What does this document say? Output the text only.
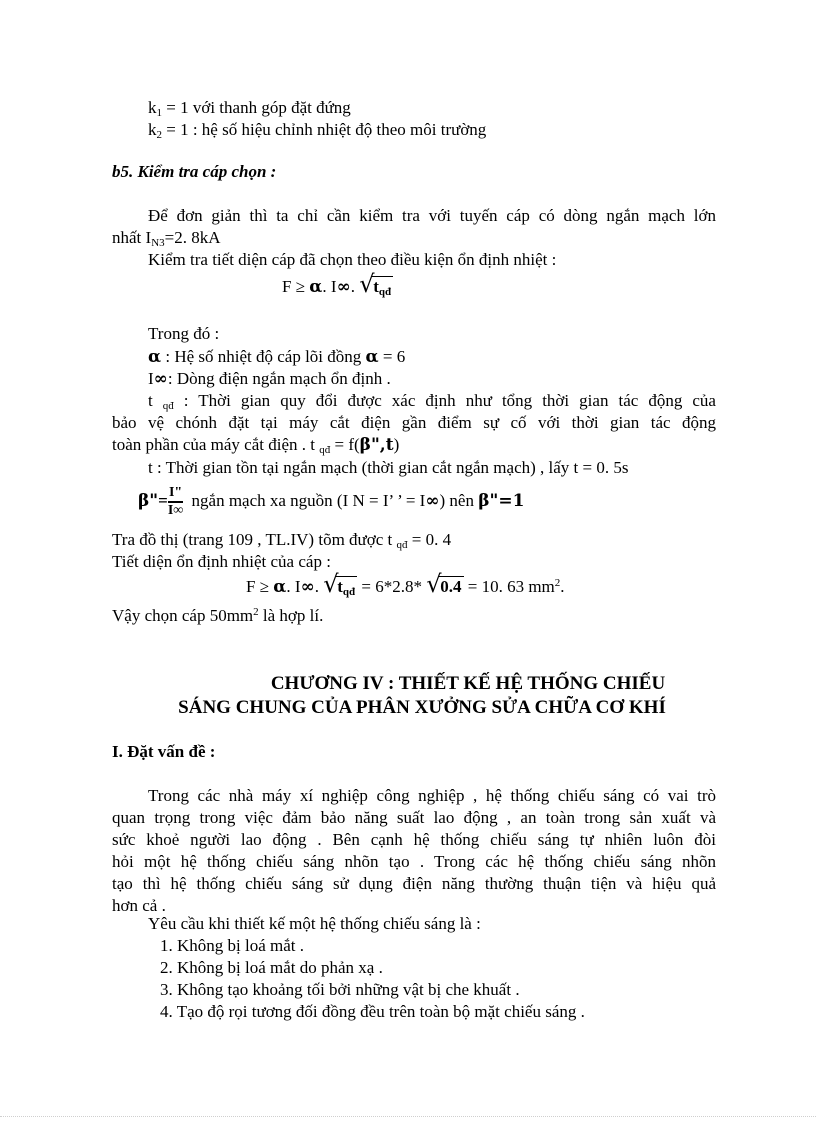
$k_1 = 1$ với thanh góp đặt đứng
$k_2 = 1$ : hệ số hiệu chỉnh nhiệt độ theo môi trường
b5. Kiểm tra cáp chọn :
Để đơn giản thì ta chỉ cần kiểm tra với tuyến cáp có dòng ngắn mạch lớn
nhất $I_{N3}=2$. 8kA
Kiểm tra tiết diện cáp đã chọn theo điều kiện ổn định nhiệt :
F ≥ α. I∞. √
$t_{qđ}$
Trong đó :
α : Hệ số nhiệt độ cáp lõi đồng α = 6
I∞: Dòng điện ngắn mạch ổn định .
t $_{qđ}$ : Thời gian quy đổi được xác định như tổng thời gian tác động của
bảo vệ chónh đặt tại máy cắt điện gần điểm sự cố với thời gian tác động
toàn phần của máy cắt điện . t $_{qđ}$ = f(β",t)
t : Thời gian tồn tại ngắn mạch (thời gian cắt ngắn mạch) , lấy t = 0. 5s
β"= $\frac{I"}{I\infty}$ ngắn mạch xa nguồn (I N = I’ ’ = I∞) nên β"=1
Tra đồ thị (trang 109 , TL.IV) tõm được t $_{qđ}$ = 0. 4
Tiết diện ổn định nhiệt của cáp :
F ≥ α. I∞. √
$t_{qđ} = 6*2.8*$ √
0.4 = 10. 63 $mm^2$.
Vậy chọn cáp $50mm^2$ là hợp lí.
CHƯƠNG IV : THIẾT KẾ HỆ THỐNG CHIẾU
SÁNG CHUNG CỦA PHÂN XƯỞNG SỬA CHỮA CƠ KHÍ
I. Đặt vấn đề :
Trong các nhà máy xí nghiệp công nghiệp , hệ thống chiếu sáng có vai trò
quan trọng trong việc đảm bảo năng suất lao động , an toàn trong sản xuất và
sức khoẻ người lao động . Bên cạnh hệ thống chiếu sáng tự nhiên luôn đòi
hỏi một hệ thống chiếu sáng nhõn tạo . Trong các hệ thống chiếu sáng nhõn
tạo thì hệ thống chiếu sáng sử dụng điện năng thường thuận tiện và hiệu quả
hơn cả .
Yêu cầu khi thiết kế một hệ thống chiếu sáng là :
1. Không bị loá mắt .
2. Không bị loá mắt do phản xạ .
3. Không tạo khoảng tối bởi những vật bị che khuất .
4. Tạo độ rọi tương đối đồng đều trên toàn bộ mặt chiếu sáng .
